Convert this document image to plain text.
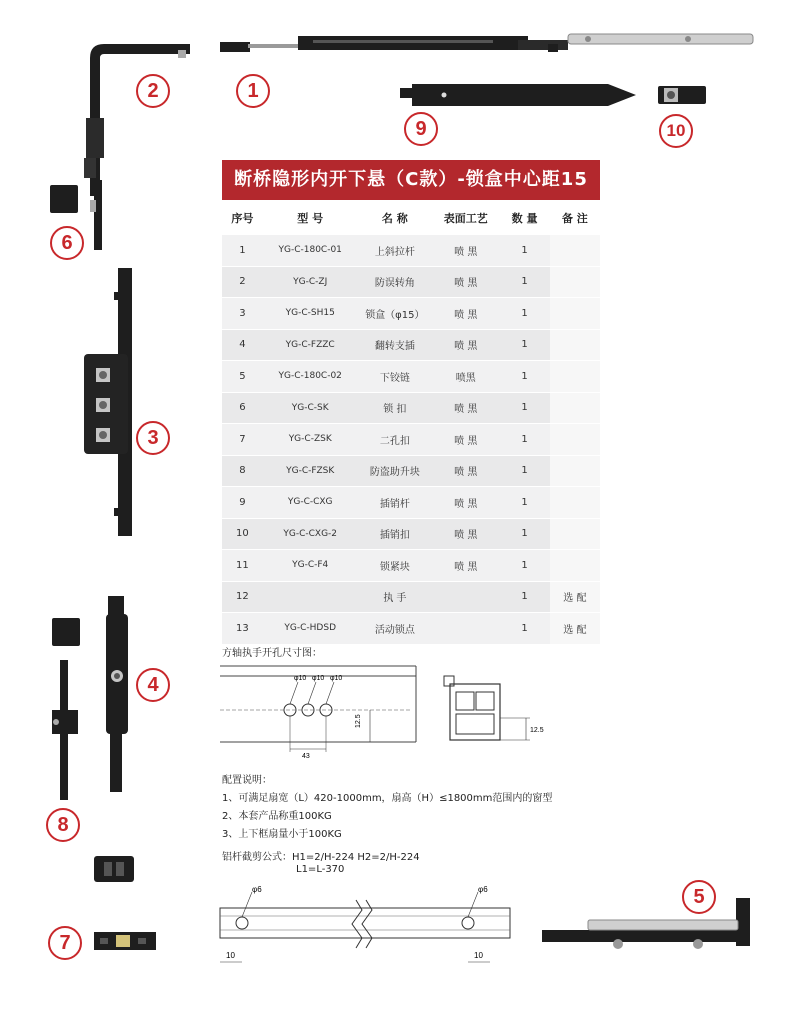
1
2
6
9	10
3
4
8
7
5
断桥隐形内开下悬（C款）-锁盒中心距15
序号	型 号	名 称	表面工艺	数 量	备 注
1	YG-C-180C-01	上斜拉杆	喷 黑	1	
2	YG-C-ZJ	防误转角	喷 黑	1	
3	YG-C-SH15	锁盒（φ15）	喷 黑	1	
4	YG-C-FZZC	翻转支插	喷 黑	1	
5	YG-C-180C-02	下铰链	喷黑	1	
6	YG-C-SK	锁 扣	喷 黑	1	
7	YG-C-ZSK	二孔扣	喷 黑	1	
8	YG-C-FZSK	防盗助升块	喷 黑	1	
9	YG-C-CXG	插销杆	喷 黑	1	
10	YG-C-CXG-2	插销扣	喷 黑	1	
11	YG-C-F4	锁紧块	喷 黑	1	
12		执 手		1	选 配
13	YG-C-HDSD	活动锁点		1	选 配
方轴执手开孔尺寸图：
φ10 φ10 φ10
43
12.5
12.5
配置说明：
1、可满足扇宽（L）420-1000mm，扇高（H）≤1800mm范围内的窗型
2、本套产品称重100KG
3、上下框扇量小于100KG
铝杆截剪公式：H1=2/H-224 H2=2/H-224
L1=L-370
φ6	φ6
10	10
